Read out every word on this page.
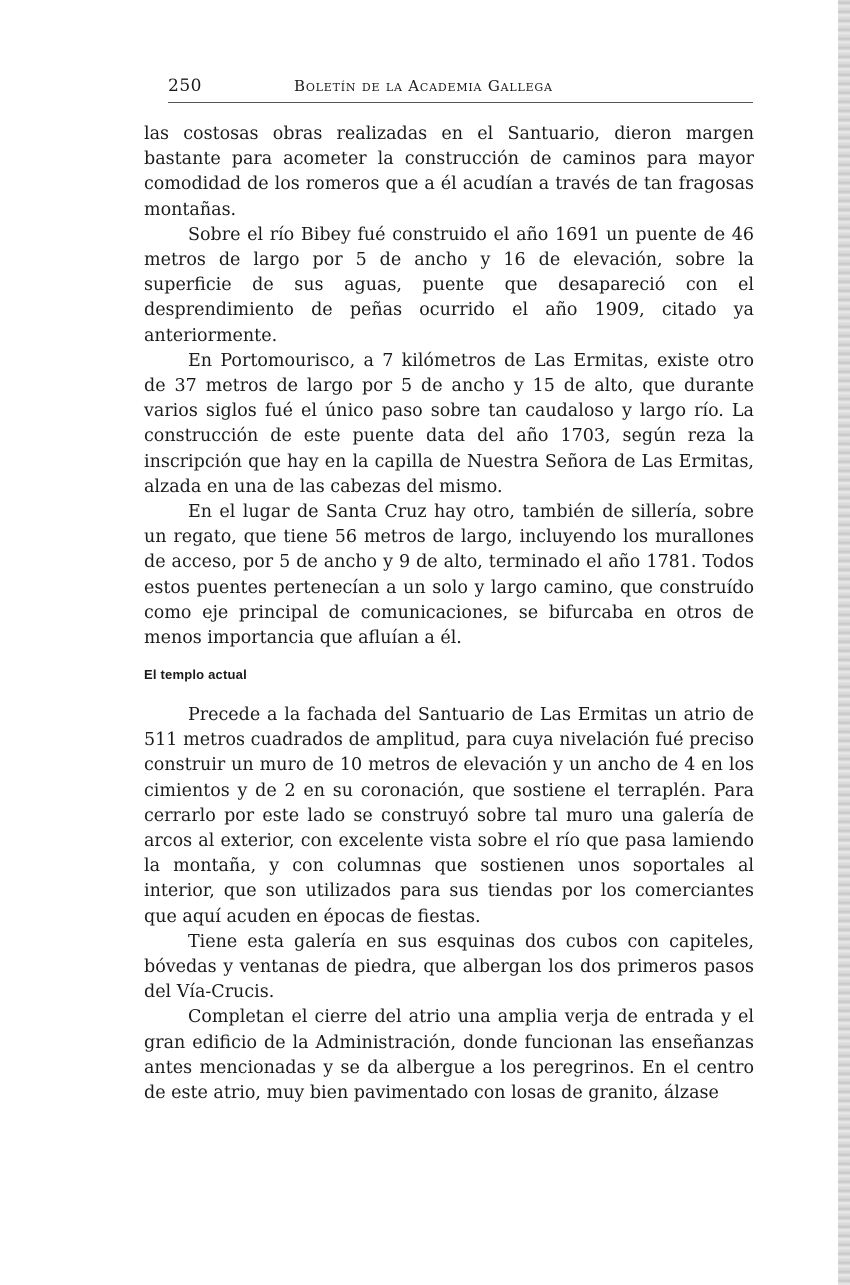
250	Boletín de la Academia Gallega

las costosas obras realizadas en el Santuario, dieron margen bastante para acometer la construcción de caminos para mayor comodidad de los romeros que a él acudían a través de tan fragosas montañas.

Sobre el río Bibey fué construido el año 1691 un puente de 46 metros de largo por 5 de ancho y 16 de elevación, sobre la superficie de sus aguas, puente que desapareció con el desprendimiento de peñas ocurrido el año 1909, citado ya anteriormente.

En Portomourisco, a 7 kilómetros de Las Ermitas, existe otro de 37 metros de largo por 5 de ancho y 15 de alto, que durante varios siglos fué el único paso sobre tan caudaloso y largo río. La construcción de este puente data del año 1703, según reza la inscripción que hay en la capilla de Nuestra Señora de Las Ermitas, alzada en una de las cabezas del mismo.

En el lugar de Santa Cruz hay otro, también de sillería, sobre un regato, que tiene 56 metros de largo, incluyendo los murallones de acceso, por 5 de ancho y 9 de alto, terminado el año 1781. Todos estos puentes pertenecían a un solo y largo camino, que construído como eje principal de comunicaciones, se bifurcaba en otros de menos importancia que afluían a él.

El templo actual

Precede a la fachada del Santuario de Las Ermitas un atrio de 511 metros cuadrados de amplitud, para cuya nivelación fué preciso construir un muro de 10 metros de elevación y un ancho de 4 en los cimientos y de 2 en su coronación, que sostiene el terraplén. Para cerrarlo por este lado se construyó sobre tal muro una galería de arcos al exterior, con excelente vista sobre el río que pasa lamiendo la montaña, y con columnas que sostienen unos soportales al interior, que son utilizados para sus tiendas por los comerciantes que aquí acuden en épocas de fiestas.

Tiene esta galería en sus esquinas dos cubos con capiteles, bóvedas y ventanas de piedra, que albergan los dos primeros pasos del Vía-Crucis.

Completan el cierre del atrio una amplia verja de entrada y el gran edificio de la Administración, donde funcionan las enseñanzas antes mencionadas y se da albergue a los peregrinos. En el centro de este atrio, muy bien pavimentado con losas de granito, álzase
